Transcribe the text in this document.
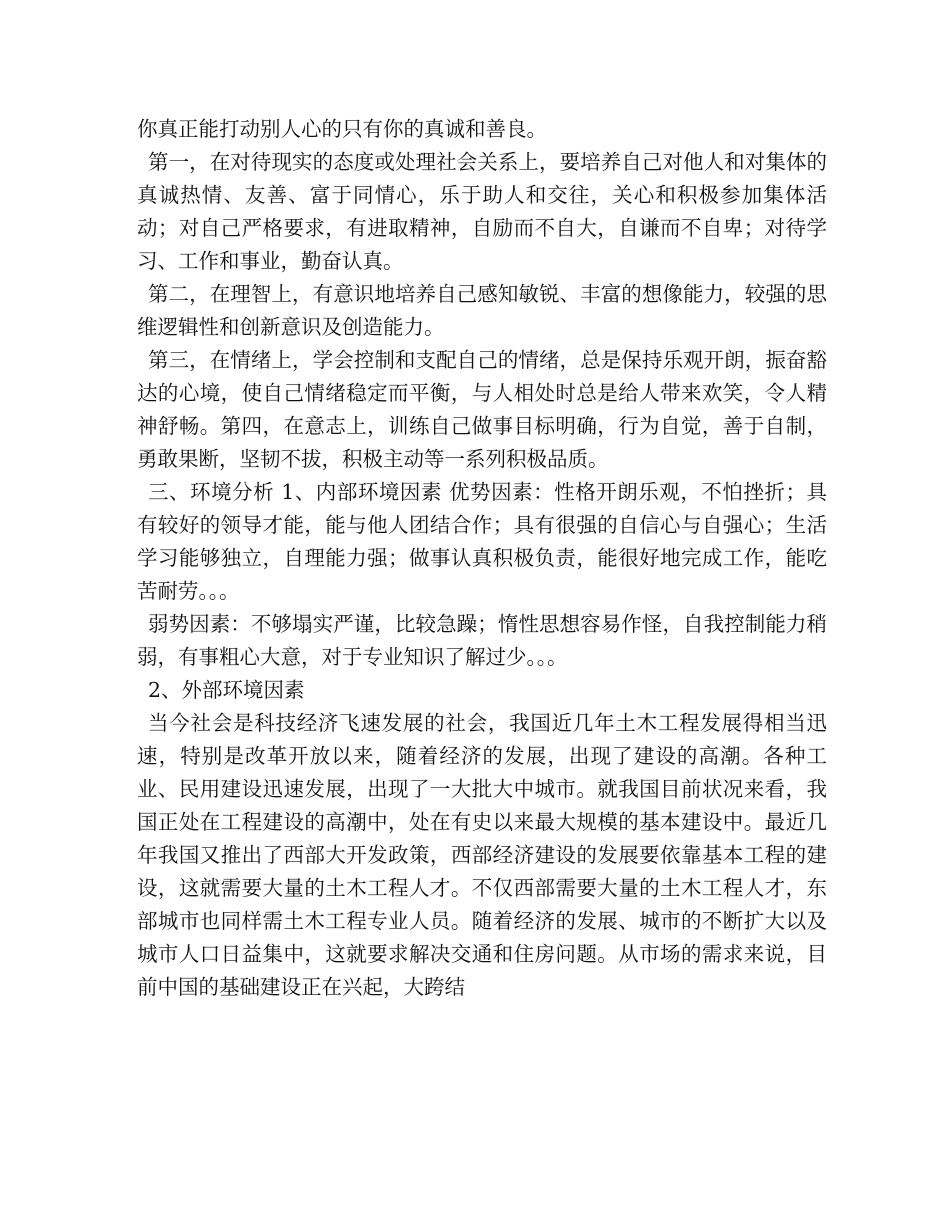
你真正能打动别人心的只有你的真诚和善良。

第一，在对待现实的态度或处理社会关系上，要培养自己对他人和对集体的真诚热情、友善、富于同情心，乐于助人和交往，关心和积极参加集体活动；对自己严格要求，有进取精神，自励而不自大，自谦而不自卑；对待学习、工作和事业，勤奋认真。

第二，在理智上，有意识地培养自己感知敏锐、丰富的想像能力，较强的思维逻辑性和创新意识及创造能力。

第三，在情绪上，学会控制和支配自己的情绪，总是保持乐观开朗，振奋豁达的心境，使自己情绪稳定而平衡，与人相处时总是给人带来欢笑，令人精神舒畅。第四，在意志上，训练自己做事目标明确，行为自觉，善于自制，勇敢果断，坚韧不拔，积极主动等一系列积极品质。

三、环境分析 1、内部环境因素 优势因素：性格开朗乐观，不怕挫折；具有较好的领导才能，能与他人团结合作；具有很强的自信心与自强心；生活学习能够独立，自理能力强；做事认真积极负责，能很好地完成工作，能吃苦耐劳。。。

弱势因素：不够塌实严谨，比较急躁；惰性思想容易作怪，自我控制能力稍弱，有事粗心大意，对于专业知识了解过少。。。

2、外部环境因素

当今社会是科技经济飞速发展的社会，我国近几年土木工程发展得相当迅速，特别是改革开放以来，随着经济的发展，出现了建设的高潮。各种工业、民用建设迅速发展，出现了一大批大中城市。就我国目前状况来看，我国正处在工程建设的高潮中，处在有史以来最大规模的基本建设中。最近几年我国又推出了西部大开发政策，西部经济建设的发展要依靠基本工程的建设，这就需要大量的土木工程人才。不仅西部需要大量的土木工程人才，东部城市也同样需土木工程专业人员。随着经济的发展、城市的不断扩大以及城市人口日益集中，这就要求解决交通和住房问题。从市场的需求来说，目前中国的基础建设正在兴起，大跨结
